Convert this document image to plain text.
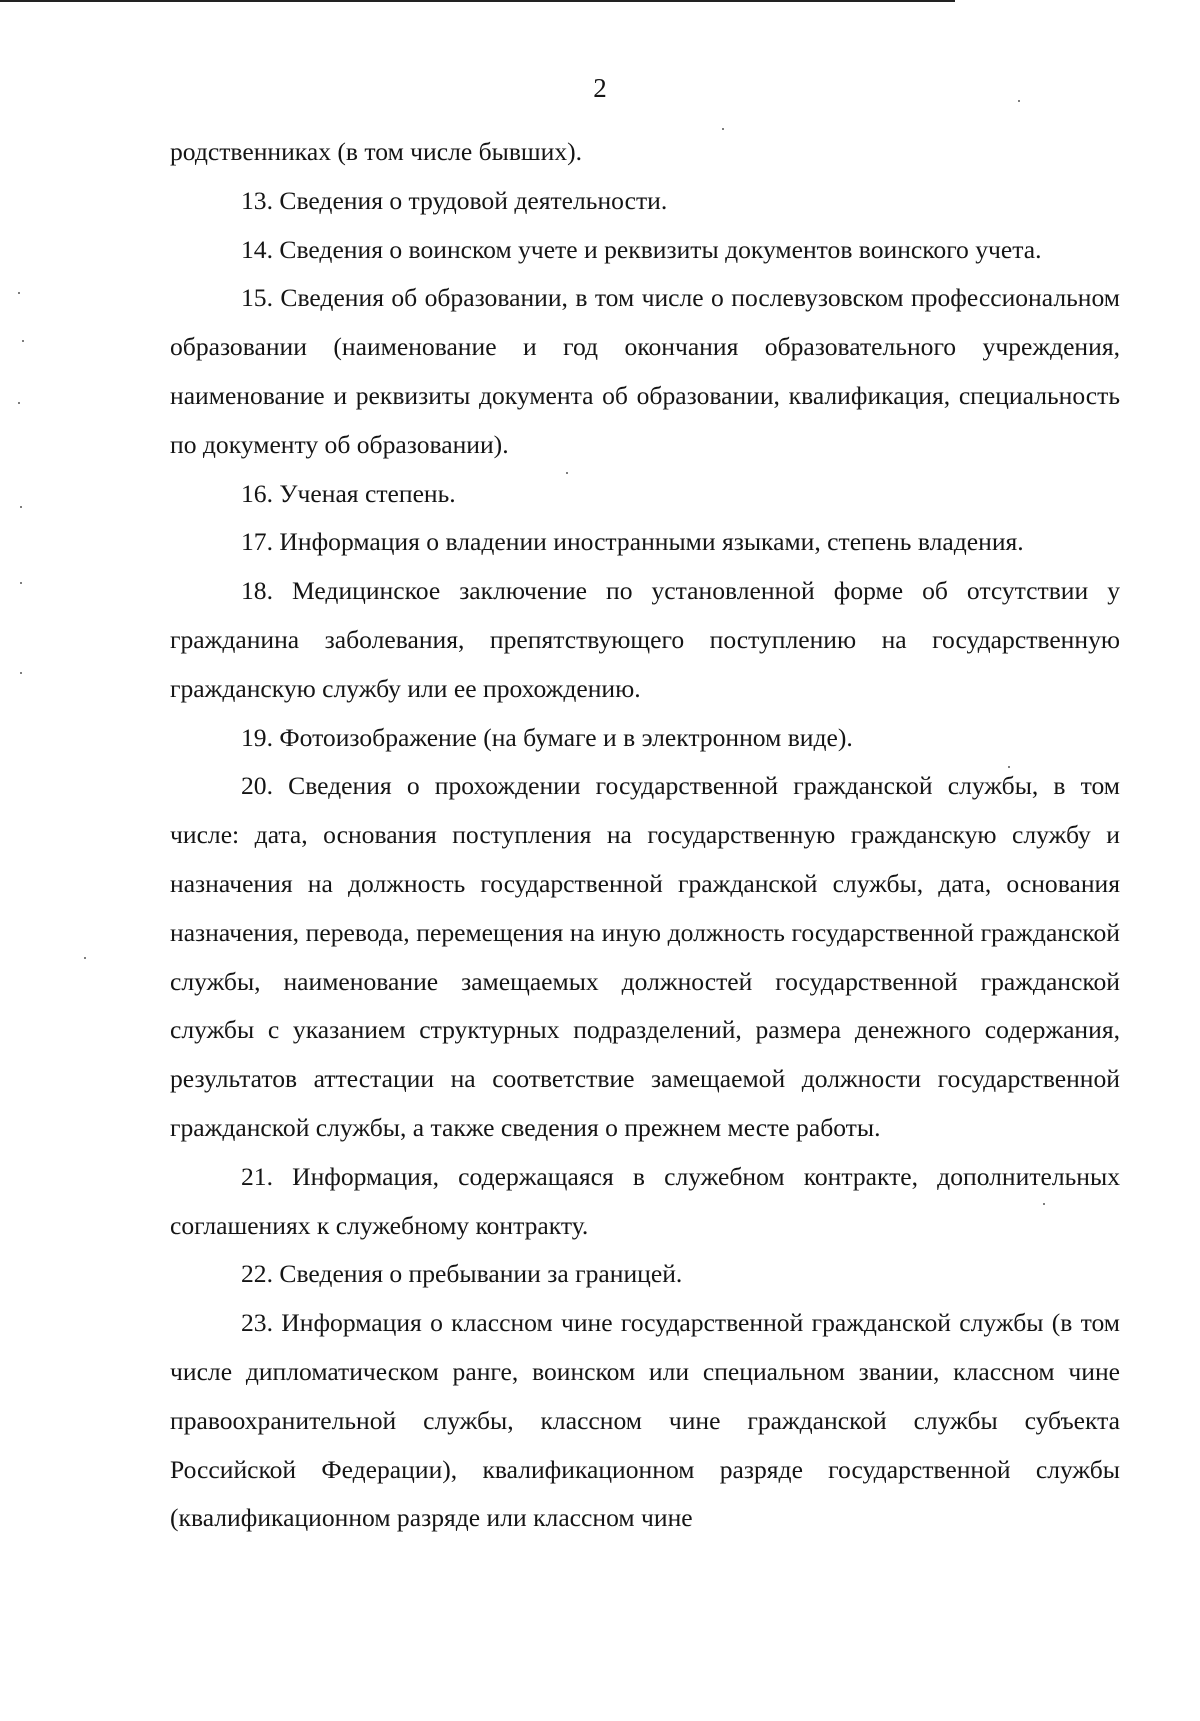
2

родственниках (в том числе бывших).

13. Сведения о трудовой деятельности.

14. Сведения о воинском учете и реквизиты документов воинского учета.

15. Сведения об образовании, в том числе о послевузовском профессиональном образовании (наименование и год окончания образовательного учреждения, наименование и реквизиты документа об образовании, квалификация, специальность по документу об образовании).

16. Ученая степень.

17. Информация о владении иностранными языками, степень владения.

18. Медицинское заключение по установленной форме об отсутствии у гражданина заболевания, препятствующего поступлению на государственную гражданскую службу или ее прохождению.

19. Фотоизображение (на бумаге и в электронном виде).

20. Сведения о прохождении государственной гражданской службы, в том числе: дата, основания поступления на государственную гражданскую службу и назначения на должность государственной гражданской службы, дата, основания назначения, перевода, перемещения на иную должность государственной гражданской службы, наименование замещаемых должностей государственной гражданской службы с указанием структурных подразделений, размера денежного содержания, результатов аттестации на соответствие замещаемой должности государственной гражданской службы, а также сведения о прежнем месте работы.

21. Информация, содержащаяся в служебном контракте, дополнительных соглашениях к служебному контракту.

22. Сведения о пребывании за границей.

23. Информация о классном чине государственной гражданской службы (в том числе дипломатическом ранге, воинском или специальном звании, классном чине правоохранительной службы, классном чине гражданской службы субъекта Российской Федерации), квалификационном разряде государственной службы (квалификационном разряде или классном чине
